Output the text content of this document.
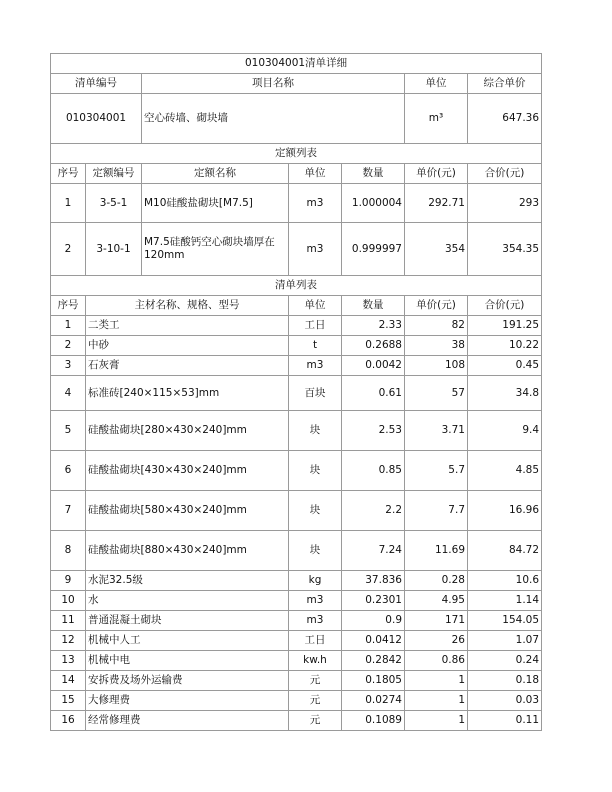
010304001清单详细						
清单编号		项目名称			单位	综合单价
010304001		空心砖墙、砌块墙			m³	647.36
定额列表						
序号	定额编号	定额名称	单位	数量	单价(元)	合价(元)
1	3-5-1	M10硅酸盐砌块[M7.5]	m3	1.000004	292.71	293
2	3-10-1	M7.5硅酸钙空心砌块墙厚在120mm	m3	0.999997	354	354.35
清单列表						
序号	主材名称、规格、型号		单位	数量	单价(元)	合价(元)
1	二类工		工日	2.33	82	191.25
2	中砂		t	0.2688	38	10.22
3	石灰膏		m3	0.0042	108	0.45
4	标准砖[240×115×53]mm		百块	0.61	57	34.8
5	硅酸盐砌块[280×430×240]mm		块	2.53	3.71	9.4
6	硅酸盐砌块[430×430×240]mm		块	0.85	5.7	4.85
7	硅酸盐砌块[580×430×240]mm		块	2.2	7.7	16.96
8	硅酸盐砌块[880×430×240]mm		块	7.24	11.69	84.72
9	水泥32.5级		kg	37.836	0.28	10.6
10	水		m3	0.2301	4.95	1.14
11	普通混凝土砌块		m3	0.9	171	154.05
12	机械中人工		工日	0.0412	26	1.07
13	机械中电		kw.h	0.2842	0.86	0.24
14	安拆费及场外运输费		元	0.1805	1	0.18
15	大修理费		元	0.0274	1	0.03
16	经常修理费		元	0.1089	1	0.11
